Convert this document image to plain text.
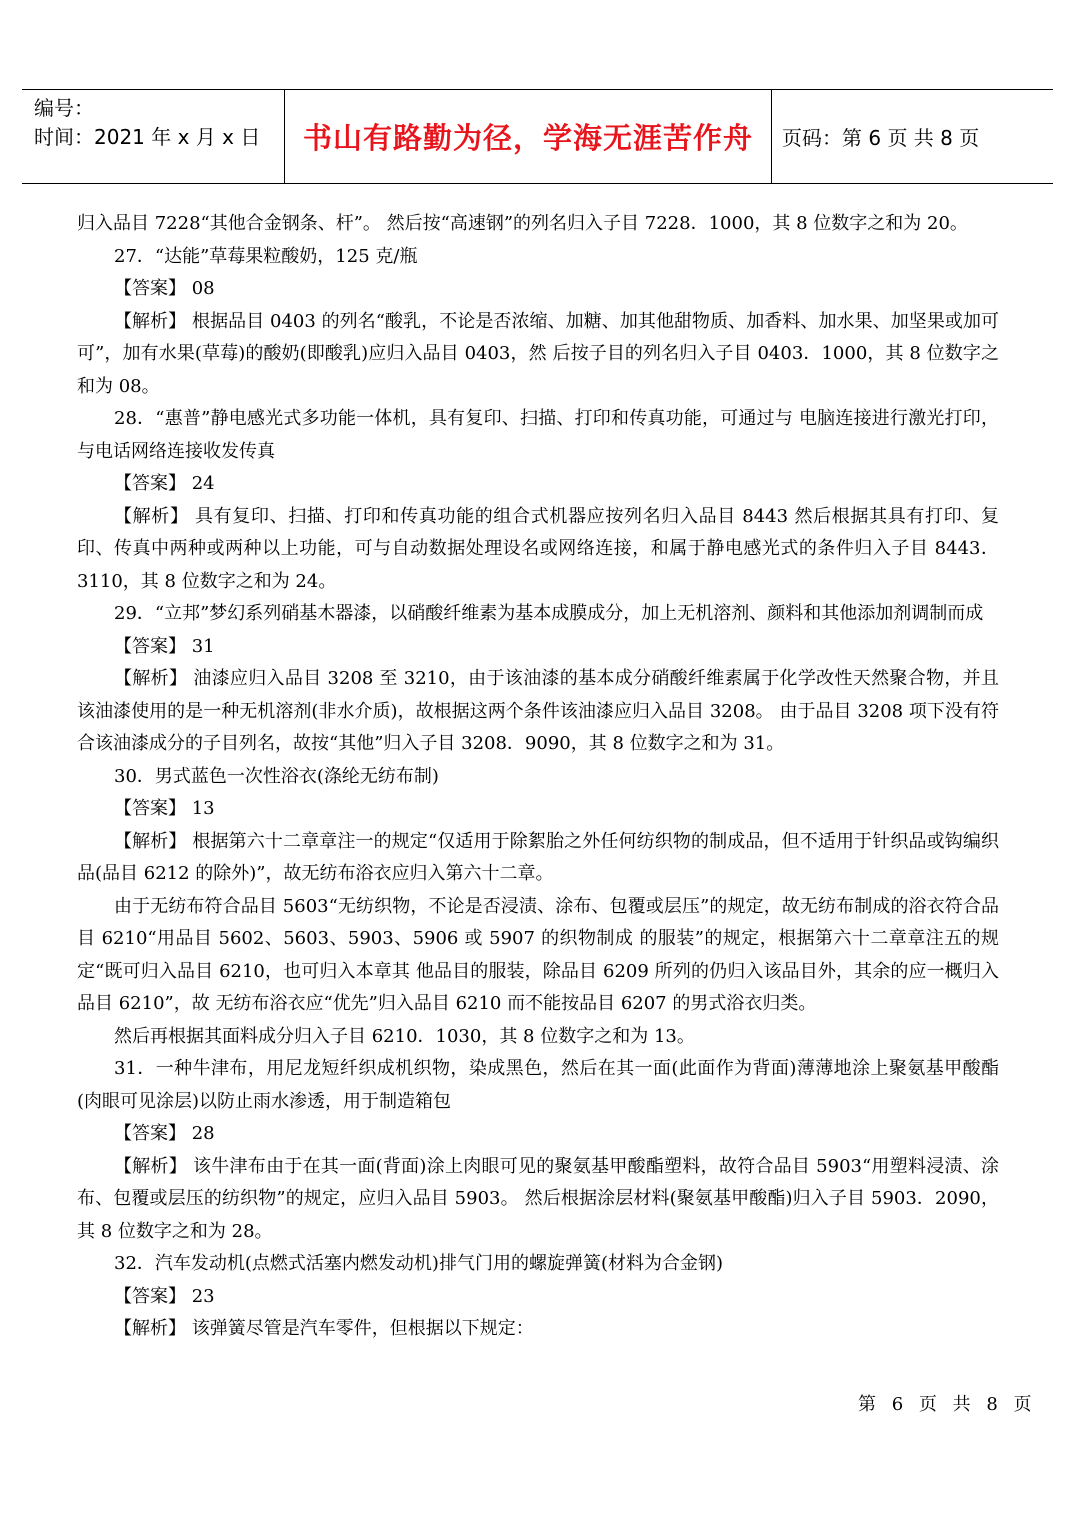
编号：
时间：2021 年 x 月 x 日	书山有路勤为径，学海无涯苦作舟	页码：第 6 页 共 8 页

归入品目 7228“其他合金钢条、杆”。 然后按“高速钢”的列名归入子目 7228．1000，其 8 位数字之和为 20。

27．“达能”草莓果粒酸奶，125 克/瓶

【答案】 08

【解析】 根据品目 0403 的列名“酸乳，不论是否浓缩、加糖、加其他甜物质、加香料、加水果、加坚果或加可可”，加有水果(草莓)的酸奶(即酸乳)应归入品目 0403，然 后按子目的列名归入子目 0403．1000，其 8 位数字之和为 08。

28．“惠普”静电感光式多功能一体机，具有复印、扫描、打印和传真功能，可通过与 电脑连接进行激光打印，与电话网络连接收发传真

【答案】 24

【解析】 具有复印、扫描、打印和传真功能的组合式机器应按列名归入品目 8443 然后根据其具有打印、复印、传真中两种或两种以上功能，可与自动数据处理设名或网络连接，和属于静电感光式的条件归入子目 8443．3110，其 8 位数字之和为 24。

29．“立邦”梦幻系列硝基木器漆，以硝酸纤维素为基本成膜成分，加上无机溶剂、颜料和其他添加剂调制而成

【答案】 31

【解析】 油漆应归入品目 3208 至 3210，由于该油漆的基本成分硝酸纤维素属于化学改性天然聚合物，并且该油漆使用的是一种无机溶剂(非水介质)，故根据这两个条件该油漆应归入品目 3208。 由于品目 3208 项下没有符合该油漆成分的子目列名，故按“其他”归入子目 3208．9090，其 8 位数字之和为 31。

30．男式蓝色一次性浴衣(涤纶无纺布制)

【答案】 13

【解析】 根据第六十二章章注一的规定“仅适用于除絮胎之外任何纺织物的制成品，但不适用于针织品或钩编织品(品目 6212 的除外)”，故无纺布浴衣应归入第六十二章。

由于无纺布符合品目 5603“无纺织物，不论是否浸渍、涂布、包覆或层压”的规定，故无纺布制成的浴衣符合品目 6210“用品目 5602、5603、5903、5906 或 5907 的织物制成 的服装”的规定，根据第六十二章章注五的规定“既可归入品目 6210，也可归入本章其 他品目的服装，除品目 6209 所列的仍归入该品目外，其余的应一概归入品目 6210”，故 无纺布浴衣应“优先”归入品目 6210 而不能按品目 6207 的男式浴衣归类。

然后再根据其面料成分归入子目 6210．1030，其 8 位数字之和为 13。

31．一种牛津布，用尼龙短纤织成机织物，染成黑色，然后在其一面(此面作为背面)薄薄地涂上聚氨基甲酸酯(肉眼可见涂层)以防止雨水渗透，用于制造箱包

【答案】 28

【解析】 该牛津布由于在其一面(背面)涂上肉眼可见的聚氨基甲酸酯塑料，故符合品目 5903“用塑料浸渍、涂布、包覆或层压的纺织物”的规定，应归入品目 5903。 然后根据涂层材料(聚氨基甲酸酯)归入子目 5903．2090，其 8 位数字之和为 28。

32．汽车发动机(点燃式活塞内燃发动机)排气门用的螺旋弹簧(材料为合金钢)

【答案】 23

【解析】 该弹簧尽管是汽车零件，但根据以下规定：

第 6 页 共 8 页
